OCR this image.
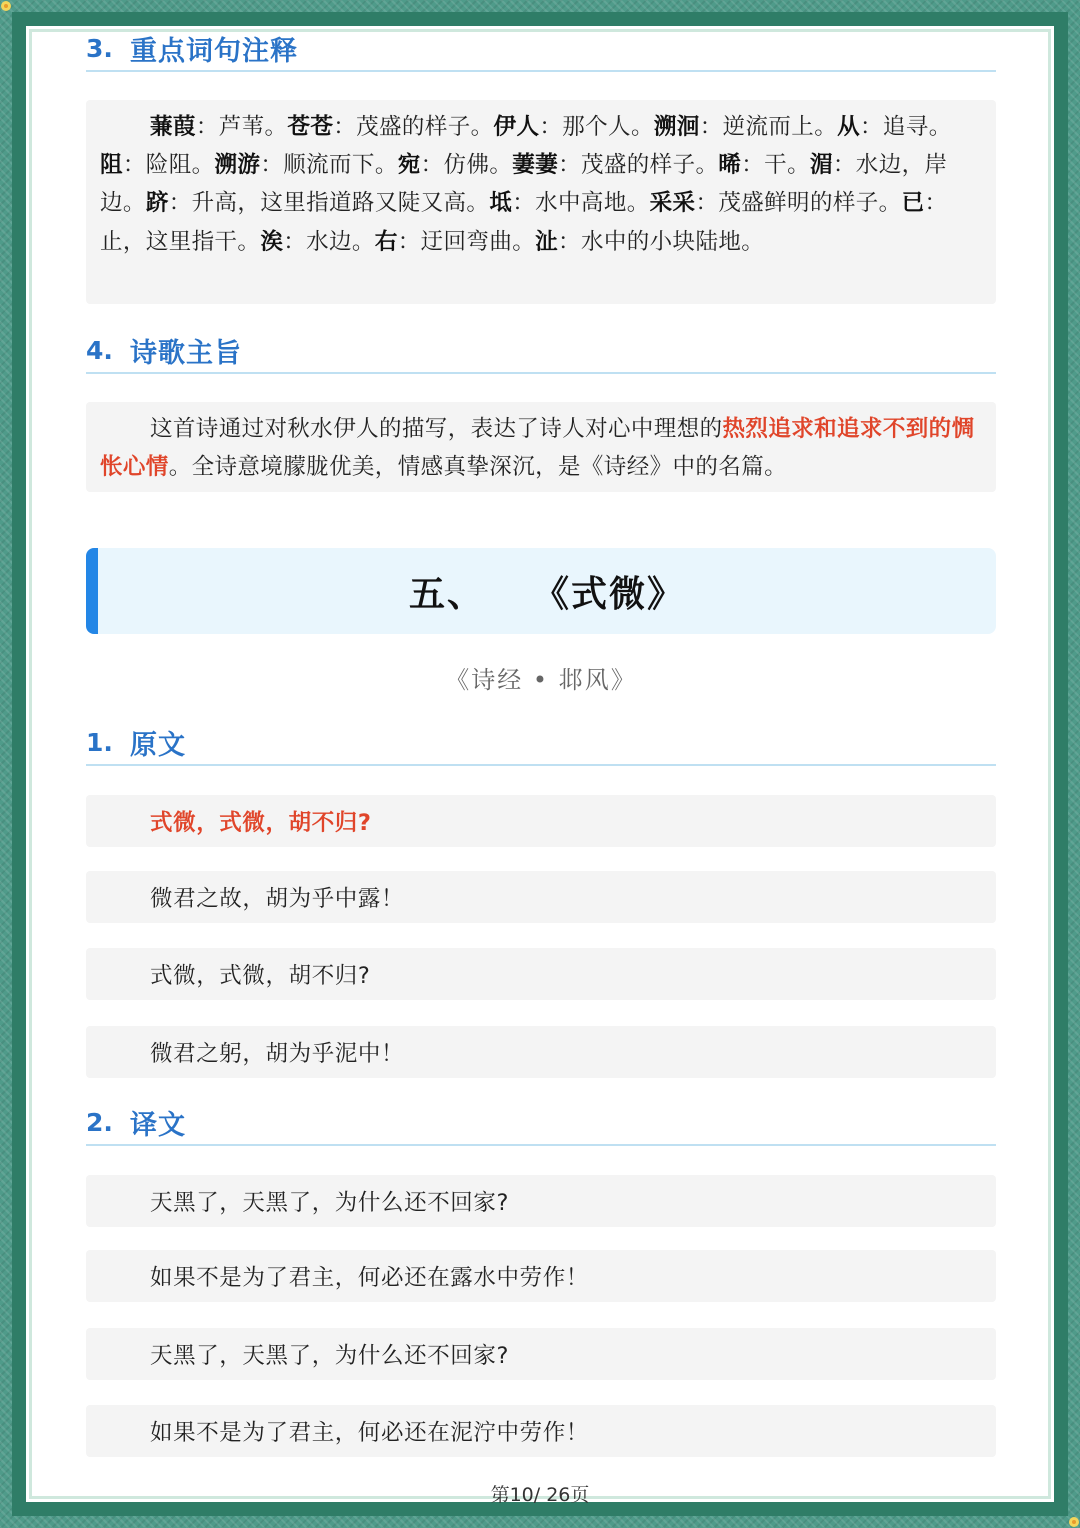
3. 重点词句注释

蒹葭：芦苇。苍苍：茂盛的样子。伊人：那个人。溯洄：逆流而上。从：追寻。阻：险阻。溯游：顺流而下。宛：仿佛。萋萋：茂盛的样子。晞：干。湄：水边，岸边。跻：升高，这里指道路又陡又高。坻：水中高地。采采：茂盛鲜明的样子。已：止，这里指干。涘：水边。右：迂回弯曲。沚：水中的小块陆地。

4. 诗歌主旨

这首诗通过对秋水伊人的描写，表达了诗人对心中理想的热烈追求和追求不到的惆怅心情。全诗意境朦胧优美，情感真挚深沉，是《诗经》中的名篇。

五、 《式微》
《诗经 • 邶风》
1. 原文
式微，式微，胡不归?
微君之故，胡为乎中露！
式微，式微，胡不归?
微君之躬，胡为乎泥中！
2. 译文
天黑了，天黑了，为什么还不回家?
如果不是为了君主，何必还在露水中劳作！
天黑了，天黑了，为什么还不回家?
如果不是为了君主，何必还在泥泞中劳作！
第10/ 26页
